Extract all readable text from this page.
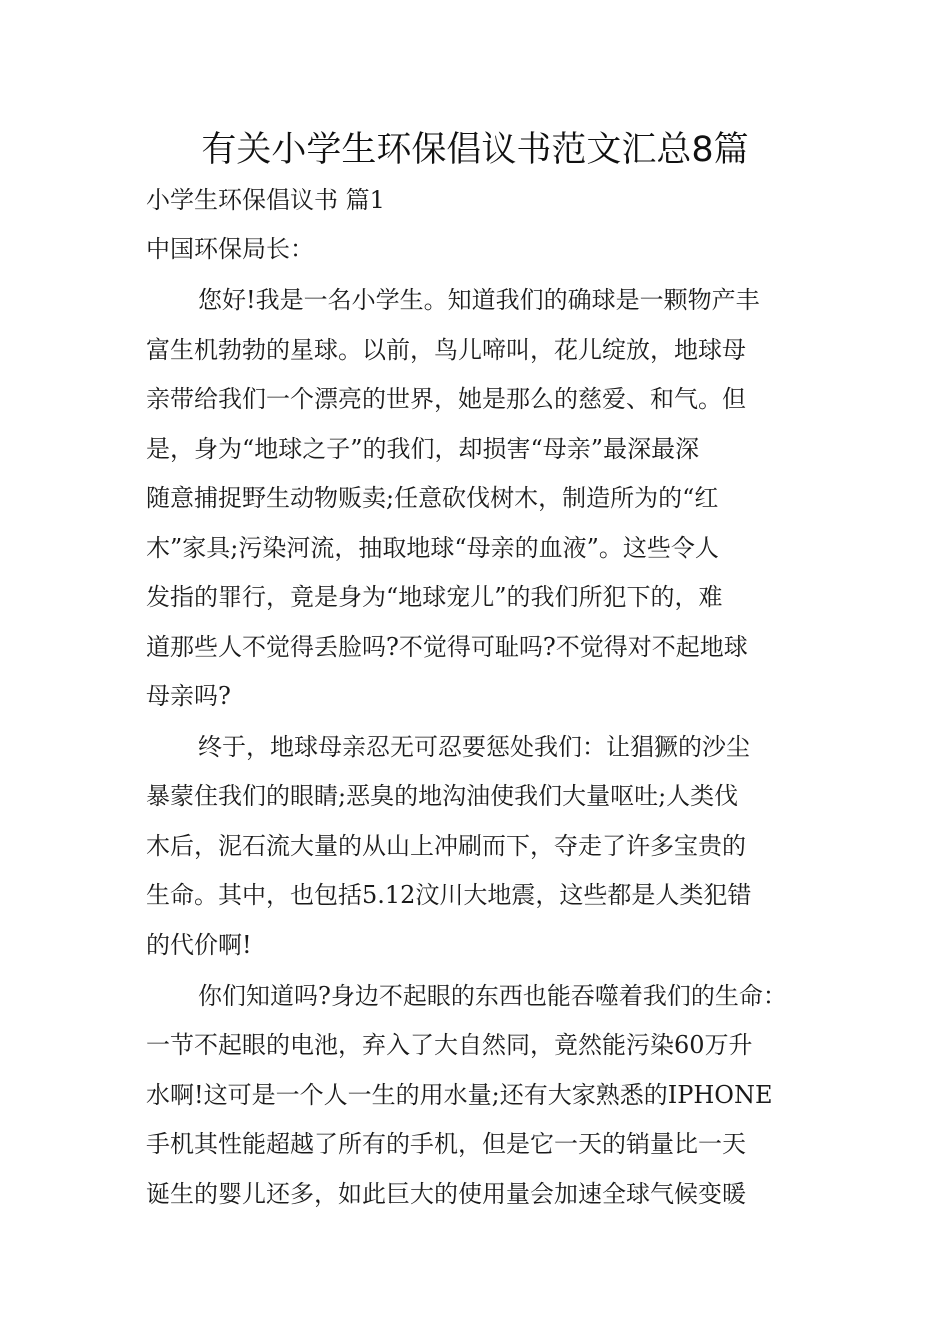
有关小学生环保倡议书范文汇总8篇
小学生环保倡议书 篇1
中国环保局长：
您好!我是一名小学生。知道我们的确球是一颗物产丰
富生机勃勃的星球。以前，鸟儿啼叫，花儿绽放，地球母
亲带给我们一个漂亮的世界，她是那么的慈爱、和气。但
是，身为“地球之子”的我们，却损害“母亲”最深最深
随意捕捉野生动物贩卖;任意砍伐树木，制造所为的“红
木”家具;污染河流，抽取地球“母亲的血液”。这些令人
发指的罪行，竟是身为“地球宠儿”的我们所犯下的，难
道那些人不觉得丢脸吗?不觉得可耻吗?不觉得对不起地球
母亲吗?
终于，地球母亲忍无可忍要惩处我们：让猖獗的沙尘
暴蒙住我们的眼睛;恶臭的地沟油使我们大量呕吐;人类伐
木后，泥石流大量的从山上冲刷而下，夺走了许多宝贵的
生命。其中，也包括5.12汶川大地震，这些都是人类犯错
的代价啊!
你们知道吗?身边不起眼的东西也能吞噬着我们的生命：
一节不起眼的电池，弃入了大自然同，竟然能污染60万升
水啊!这可是一个人一生的用水量;还有大家熟悉的IPHONE
手机其性能超越了所有的手机，但是它一天的销量比一天
诞生的婴儿还多，如此巨大的使用量会加速全球气候变暖
